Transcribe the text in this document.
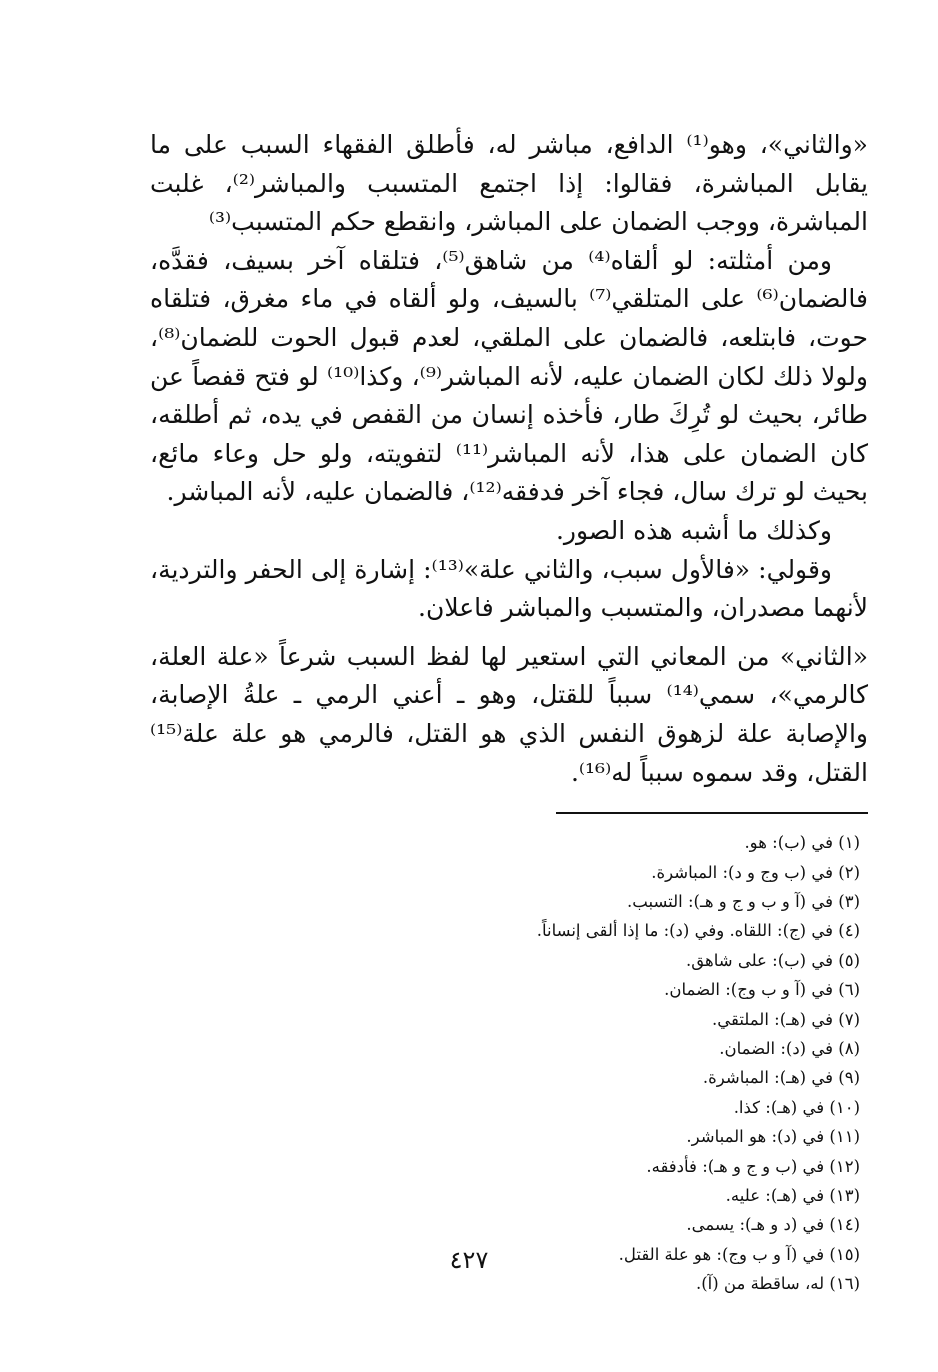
«والثاني»، وهو⁽¹⁾ الدافع، مباشر له، فأطلق الفقهاء السبب على ما يقابل المباشرة، فقالوا: إذا اجتمع المتسبب والمباشر⁽²⁾، غلبت المباشرة، ووجب الضمان على المباشر، وانقطع حكم المتسبب⁽³⁾

ومن أمثلته: لو ألقاه⁽⁴⁾ من شاهق⁽⁵⁾، فتلقاه آخر بسيف، فقدَّه، فالضمان⁽⁶⁾ على المتلقي⁽⁷⁾ بالسيف، ولو ألقاه في ماء مغرق، فتلقاه حوت، فابتلعه، فالضمان على الملقي، لعدم قبول الحوت للضمان⁽⁸⁾، ولولا ذلك لكان الضمان عليه، لأنه المباشر⁽⁹⁾، وكذا⁽¹⁰⁾ لو فتح قفصاً عن طائر، بحيث لو تُرِكَ طار، فأخذه إنسان من القفص في يده، ثم أطلقه، كان الضمان على هذا، لأنه المباشر⁽¹¹⁾ لتفويته، ولو حل وعاء مائع، بحيث لو ترك سال، فجاء آخر فدفقه⁽¹²⁾، فالضمان عليه، لأنه المباشر.

وكذلك ما أشبه هذه الصور.

وقولي: «فالأول سبب، والثاني علة»⁽¹³⁾: إشارة إلى الحفر والتردية، لأنهما مصدران، والمتسبب والمباشر فاعلان.

«الثاني» من المعاني التي استعير لها لفظ السبب شرعاً «علة العلة، كالرمي»، سمي⁽¹⁴⁾ سبباً للقتل، وهو ـ أعني الرمي ـ علةُ الإصابة، والإصابة علة لزهوق النفس الذي هو القتل، فالرمي هو علة علة⁽¹⁵⁾ القتل، وقد سموه سبباً له⁽¹⁶⁾.

(١) في (ب): هو.
(٢) في (ب وج و د): المباشرة.
(٣) في (آ و ب و ج و هـ): التسبب.
(٤) في (ج): اللقاه. وفي (د): ما إذا ألقى إنساناً.
(٥) في (ب): على شاهق.
(٦) في (آ و ب وج): الضمان.
(٧) في (هـ): الملتقي.
(٨) في (د): الضمان.
(٩) في (هـ): المباشرة.
(١٠) في (هـ): كذا.
(١١) في (د): هو المباشر.
(١٢) في (ب و ج و هـ): فأدفقه.
(١٣) في (هـ): عليه.
(١٤) في (د و هـ): يسمى.
(١٥) في (آ و ب وج): هو علة القتل.
(١٦) له، ساقطة من (آ).
٤٢٧
